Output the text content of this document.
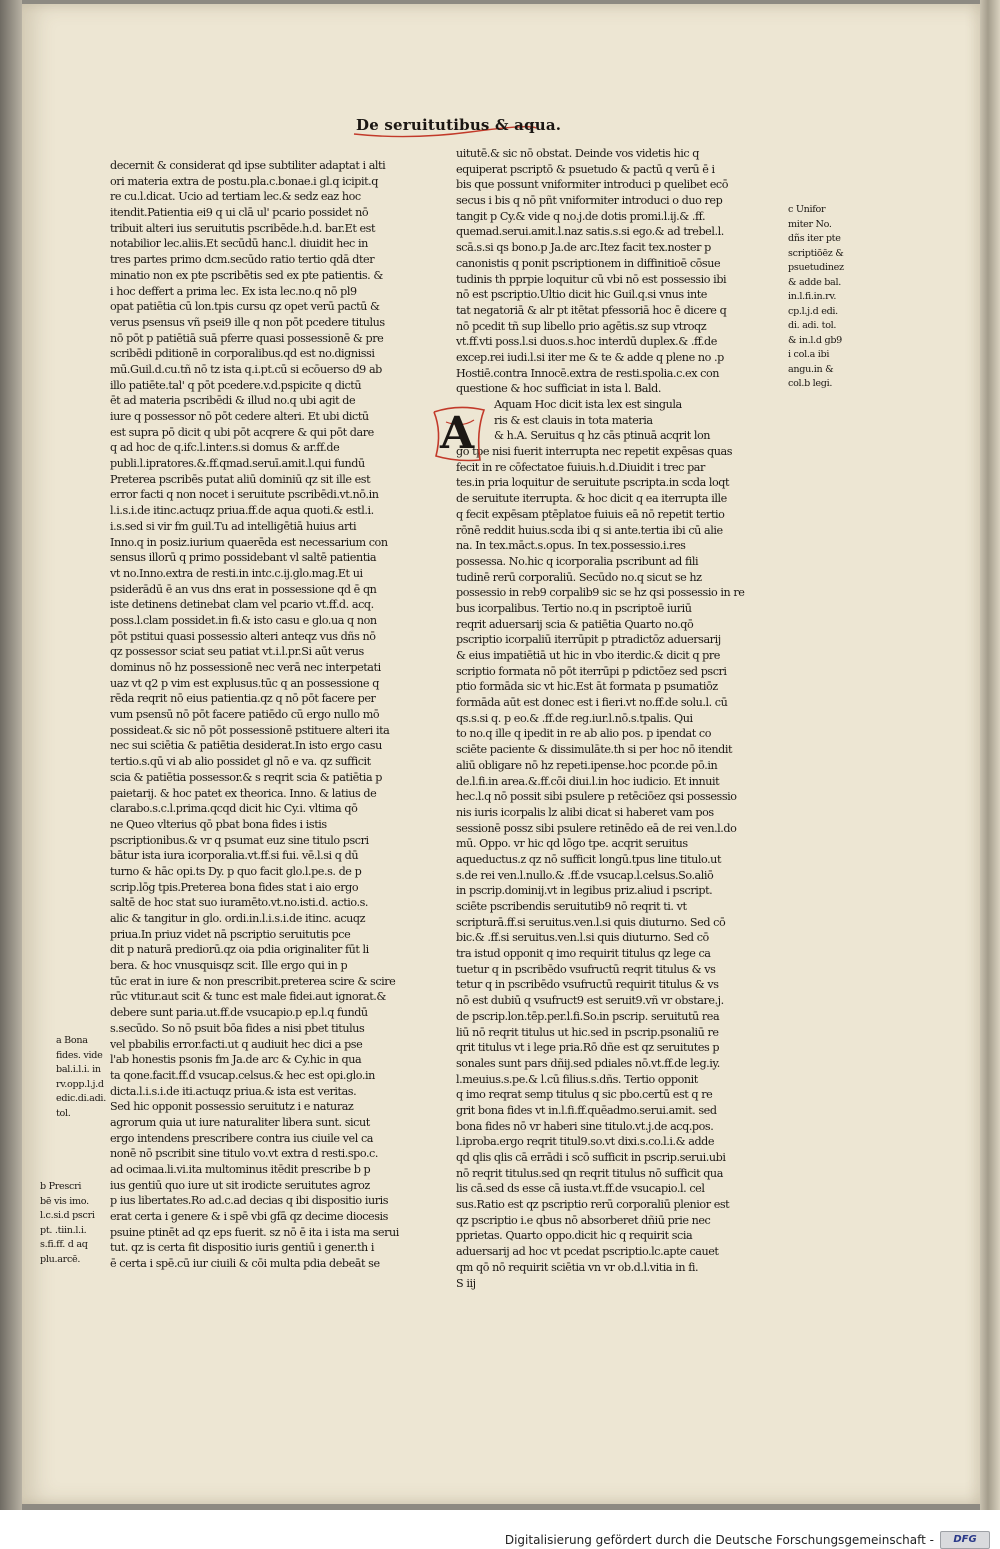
De seruitutibus & aqua.
decernit & considerat qd ipse subtiliter adaptat i alti
ori materia extra de postu.pla.c.bonae.i gl.q icipit.q
re cu.l.dicat. Ucio ad tertiam lec.& sedz eaz hoc
itendit.Patientia ei9 q ui clā ul' pcario possidet nō
tribuit alteri ius seruitutis pscribēde.h.d. bar.Et est
notabilior lec.aliis.Et secūdū hanc.l. diuidit hec in
tres partes primo dcm.secūdo ratio tertio qdā dter
minatio non ex pte pscribētis sed ex pte patientis. &
i hoc deffert a prima lec. Ex ista lec.no.q nō pl9
opat patiētia cū lon.tpis cursu qz opet verū pactū &
verus psensus vñ psei9 ille q non pōt pcedere titulus
nō pōt p patiētiā suā pferre quasi possessionē & pre
scribēdi pditionē in corporalibus.qd est no.dignissi
mū.Guil.d.cu.tñ nō tz ista q.i.pt.cū si ecōuerso d9 ab
illo patiēte.tal' q pōt pcedere.v.d.pspicite q dictū
ēt ad materia pscribēdi & illud no.q ubi agit de
iure q possessor nō pōt cedere alteri. Et ubi dictū
est supra pō dicit q ubi pōt acqrere & qui pōt dare
q ad hoc de q.ifc.l.inter.s.si domus & ar.ff.de
publi.l.ipratores.&.ff.qmad.seruī.amit.l.qui fundū
Preterea pscribēs putat aliū dominiū qz sit ille est
error facti q non nocet i seruitute pscribēdi.vt.nō.in
l.i.s.i.de itinc.actuqz priua.ff.de aqua quoti.& estl.i.
i.s.sed si vir fm guil.Tu ad intelligētiā huius arti
Inno.q in posiz.iurium quaerēda est necessarium con
sensus illorū q primo possidebant vl saltē patientia
vt no.Inno.extra de resti.in intc.c.ij.glo.mag.Et ui
psiderādū ē an vus dns erat in possessione qd ē qn
iste detinens detinebat clam vel pcario vt.ff.d. acq.
poss.l.clam possidet.in fi.& isto casu e glo.ua q non
pōt pstitui quasi possessio alteri anteqz vus dñs nō
qz possessor sciat seu patiat vt.i.l.pr.Si aūt verus
dominus nō hz possessionē nec verā nec interpetati
uaz vt q2 p vim est explusus.tūc q an possessione q
rēda reqrit nō eius patientia.qz q nō pōt facere per
vum psensū nō pōt facere patiēdo cū ergo nullo mō
possideat.& sic nō pōt possessionē pstituere alteri ita
nec sui sciētia & patiētia desiderat.In isto ergo casu
tertio.s.qū vi ab alio possidet gl nō e va. qz sufficit
scia & patiētia possessor.& s reqrit scia & patiētia p
paietarij. & hoc patet ex theorica. Inno. & latius de
clarabo.s.c.l.prima.qcqd dicit hic Cy.i. vltima qō
ne Queo vlterius qō pbat bona fides i istis
pscriptionibus.& vr q psumat euz sine titulo pscri
bātur ista iura icorporalia.vt.ff.si fui. vē.l.si q dū
turno & hāc opi.ts Dy. p quo facit glo.l.pe.s. de p
scrip.lōg tpis.Preterea bona fides stat i aio ergo
saltē de hoc stat suo iuramēto.vt.no.isti.d. actio.s.
alic & tangitur in glo. ordi.in.l.i.s.i.de itinc. acuqz
priua.In priuz videt nā pscriptio seruitutis pce
dit p naturā prediorū.qz oia pdia originaliter fūt li
bera. & hoc vnusquisqz scit. Ille ergo qui in p
tūc erat in iure & non prescribit.preterea scire & scire
rūc vtitur.aut scit & tunc est male fidei.aut ignorat.&
debere sunt paria.ut.ff.de vsucapio.p ep.l.q fundū
s.secūdo. So nō psuit bōa fides a nisi pbet titulus
vel pbabilis error.facti.ut q audiuit hec dici a pse
l'ab honestis psonis fm Ja.de arc & Cy.hic in qua
ta qone.facit.ff.d vsucap.celsus.& hec est opi.glo.in
dicta.l.i.s.i.de iti.actuqz priua.& ista est veritas.
Sed hic opponit possessio seruitutz i e naturaz
agrorum quia ut iure naturaliter libera sunt. sicut
ergo intendens prescribere contra ius ciuile vel ca
nonē nō pscribit sine titulo vo.vt extra d resti.spo.c.
ad ocimaa.li.vi.ita multominus itēdit prescribe b p
ius gentiū quo iure ut sit irodicte seruitutes agroz
p ius libertates.Ro ad.c.ad decias q ibi dispositio iuris
erat certa i genere & i spē vbi gfā qz decime diocesis
psuine ptinēt ad qz eps fuerit. sz nō ē ita i ista ma serui
tut. qz is certa fit dispositio iuris gentiū i gener.th i
ē certa i spē.cū iur ciuili & cōi multa pdia debeāt se
uitutē.& sic nō obstat. Deinde vos videtis hic q
equiperat pscriptō & psuetudo & pactū q verū ē i
bis que possunt vniformiter introduci p quelibet ecō
secus i bis q nō pñt vniformiter introduci o duo rep
tangit p Cy.& vide q no.j.de dotis promi.l.ij.& .ff.
quemad.serui.amit.l.naz satis.s.si ego.& ad trebel.l.
scā.s.si qs bono.p Ja.de arc.Itez facit tex.noster p
canonistis q ponit pscriptionem in diffinitioē cōsue
tudinis th pprpie loquitur cū vbi nō est possessio ibi
nō est pscriptio.Ultio dicit hic Guil.q.si vnus inte
tat negatoriā & alr pt itētat pfessoriā hoc ē dicere q
nō pcedit tñ sup libello prio agētis.sz sup vtroqz
vt.ff.vti poss.l.si duos.s.hoc interdū duplex.& .ff.de
excep.rei iudi.l.si iter me & te & adde q plene no .p
Hostiē.contra Innocē.extra de resti.spolia.c.ex con
questione & hoc sufficiat in ista l. Bald.
Aquam Hoc dicit ista lex est singula
ris & est clauis in tota materia
& h.A. Seruitus q hz cās ptinuā acqrit lon
go tpe nisi fuerit interrupta nec repetit expēsas quas
fecit in re cōfectatoe fuiuis.h.d.Diuidit i trec par
tes.in pria loquitur de seruitute pscripta.in scda loqt
de seruitute iterrupta. & hoc dicit q ea iterrupta ille
q fecit expēsam ptēplatoe fuiuis eā nō repetit tertio
rōnē reddit huius.scda ibi q si ante.tertia ibi cū alie
na. In tex.māct.s.opus. In tex.possessio.i.res
possessa. No.hic q icorporalia pscribunt ad fili
tudinē rerū corporaliū. Secūdo no.q sicut se hz
possessio in reb9 corpalib9 sic se hz qsi possessio in re
bus icorpalibus. Tertio no.q in pscriptoē iuriū
reqrit aduersarij scia & patiētia Quarto no.qō
pscriptio icorpaliū iterrūpit p ptradictōz aduersarij
& eius impatiētiā ut hic in vbo iterdic.& dicit q pre
scriptio formata nō pōt iterrūpi p pdictōez sed pscri
ptio formāda sic vt hic.Est āt formata p psumatiōz
formāda aūt est donec est i fieri.vt no.ff.de solu.l. cū
qs.s.si q. p eo.& .ff.de reg.iur.l.nō.s.tpalis. Qui
to no.q ille q ipedit in re ab alio pos. p ipendat co
sciēte paciente & dissimulāte.th si per hoc nō itendit
aliū obligare nō hz repeti.ipense.hoc pcor.de pō.in
de.l.fi.in area.&.ff.cōi diui.l.in hoc iudicio. Et innuit
hec.l.q nō possit sibi psulere p retēciōez qsi possessio
nis iuris icorpalis lz alibi dicat si haberet vam pos
sessionē possz sibi psulere retinēdo eā de rei ven.l.do
mū. Oppo. vr hic qd lōgo tpe. acqrit seruitus
aqueductus.z qz nō sufficit longū.tpus line titulo.ut
s.de rei ven.l.nullo.& .ff.de vsucap.l.celsus.So.aliō
in pscrip.dominij.vt in legibus priz.aliud i pscript.
sciēte pscribendis seruitutib9 nō reqrit ti. vt
scripturā.ff.si seruitus.ven.l.si quis diuturno. Sed cō
bic.& .ff.si seruitus.ven.l.si quis diuturno. Sed cō
tra istud opponit q imo requirit titulus qz lege ca
tuetur q in pscribēdo vsufructū reqrit titulus & vs
tetur q in pscribēdo vsufructū requirit titulus & vs
nō est dubiū q vsufruct9 est seruit9.vñ vr obstare.j.
de pscrip.lon.tēp.per.l.fi.So.in pscrip. seruitutū rea
liū nō reqrit titulus ut hic.sed in pscrip.psonaliū re
qrit titulus vt i lege pria.Rō dñe est qz seruitutes p
sonales sunt pars dñij.sed pdiales nō.vt.ff.de leg.iy.
l.meuius.s.pe.& l.cū filius.s.dñs. Tertio opponit
q imo reqrat semp titulus q sic pbo.certū est q re
grit bona fides vt in.l.fi.ff.quēadmo.serui.amit. sed
bona fides nō vr haberi sine titulo.vt.j.de acq.pos.
l.iproba.ergo reqrit titul9.so.vt dixi.s.co.l.i.& adde
qd qlis qlis cā errādi i scō sufficit in pscrip.serui.ubi
nō reqrit titulus.sed qn reqrit titulus nō sufficit qua
lis cā.sed ds esse cā iusta.vt.ff.de vsucapio.l. cel
sus.Ratio est qz pscriptio rerū corporaliū plenior est
qz pscriptio i.e qbus nō absorberet dñiū prie nec
pprietas. Quarto oppo.dicit hic q requirit scia
aduersarij ad hoc vt pcedat pscriptio.lc.apte cauet
qm qō nō requirit sciētia vn vr ob.d.l.vitia in fi.
S iij
A
c Unifor
miter No.
dñs iter pte
scriptiōēz &
psuetudinez
& adde bal.
in.l.fi.in.rv.
cp.l.j.d edi.
di. adi. tol.
& in.l.d gb9
i col.a ibi
angu.in &
col.b legi.
a Bona
fides. vide
bal.i.l.i. in
rv.opp.l.j.d
edic.di.adi.
tol.
b Prescri
bē vis imo.
l.c.si.d pscri
pt. .tiin.l.i.
s.fi.ff. d aq
plu.arcē.
Digitalisierung gefördert durch die Deutsche Forschungsgemeinschaft -	DFG
